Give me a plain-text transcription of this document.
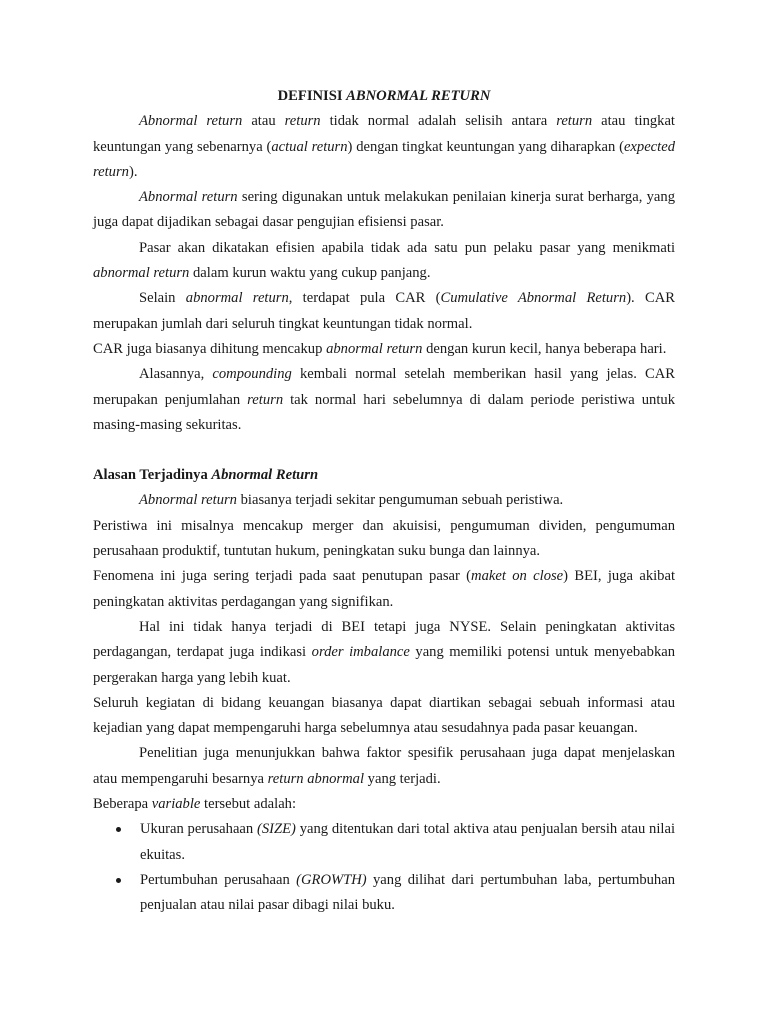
DEFINISI ABNORMAL RETURN

Abnormal return atau return tidak normal adalah selisih antara return atau tingkat keuntungan yang sebenarnya (actual return) dengan tingkat keuntungan yang diharapkan (expected return).

Abnormal return sering digunakan untuk melakukan penilaian kinerja surat berharga, yang juga dapat dijadikan sebagai dasar pengujian efisiensi pasar.

Pasar akan dikatakan efisien apabila tidak ada satu pun pelaku pasar yang menikmati abnormal return dalam kurun waktu yang cukup panjang.

Selain abnormal return, terdapat pula CAR (Cumulative Abnormal Return). CAR merupakan jumlah dari seluruh tingkat keuntungan tidak normal.

CAR juga biasanya dihitung mencakup abnormal return dengan kurun kecil, hanya beberapa hari.

Alasannya, compounding kembali normal setelah memberikan hasil yang jelas. CAR merupakan penjumlahan return tak normal hari sebelumnya di dalam periode peristiwa untuk masing-masing sekuritas.

Alasan Terjadinya Abnormal Return

Abnormal return biasanya terjadi sekitar pengumuman sebuah peristiwa.

Peristiwa ini misalnya mencakup merger dan akuisisi, pengumuman dividen, pengumuman perusahaan produktif, tuntutan hukum, peningkatan suku bunga dan lainnya.

Fenomena ini juga sering terjadi pada saat penutupan pasar (maket on close) BEI, juga akibat peningkatan aktivitas perdagangan yang signifikan.

Hal ini tidak hanya terjadi di BEI tetapi juga NYSE. Selain peningkatan aktivitas perdagangan, terdapat juga indikasi order imbalance yang memiliki potensi untuk menyebabkan pergerakan harga yang lebih kuat.

Seluruh kegiatan di bidang keuangan biasanya dapat diartikan sebagai sebuah informasi atau kejadian yang dapat mempengaruhi harga sebelumnya atau sesudahnya pada pasar keuangan.

Penelitian juga menunjukkan bahwa faktor spesifik perusahaan juga dapat menjelaskan atau mempengaruhi besarnya return abnormal yang terjadi.

Beberapa variable tersebut adalah:

Ukuran perusahaan (SIZE) yang ditentukan dari total aktiva atau penjualan bersih atau nilai ekuitas.
Pertumbuhan perusahaan (GROWTH) yang dilihat dari pertumbuhan laba, pertumbuhan penjualan atau nilai pasar dibagi nilai buku.
